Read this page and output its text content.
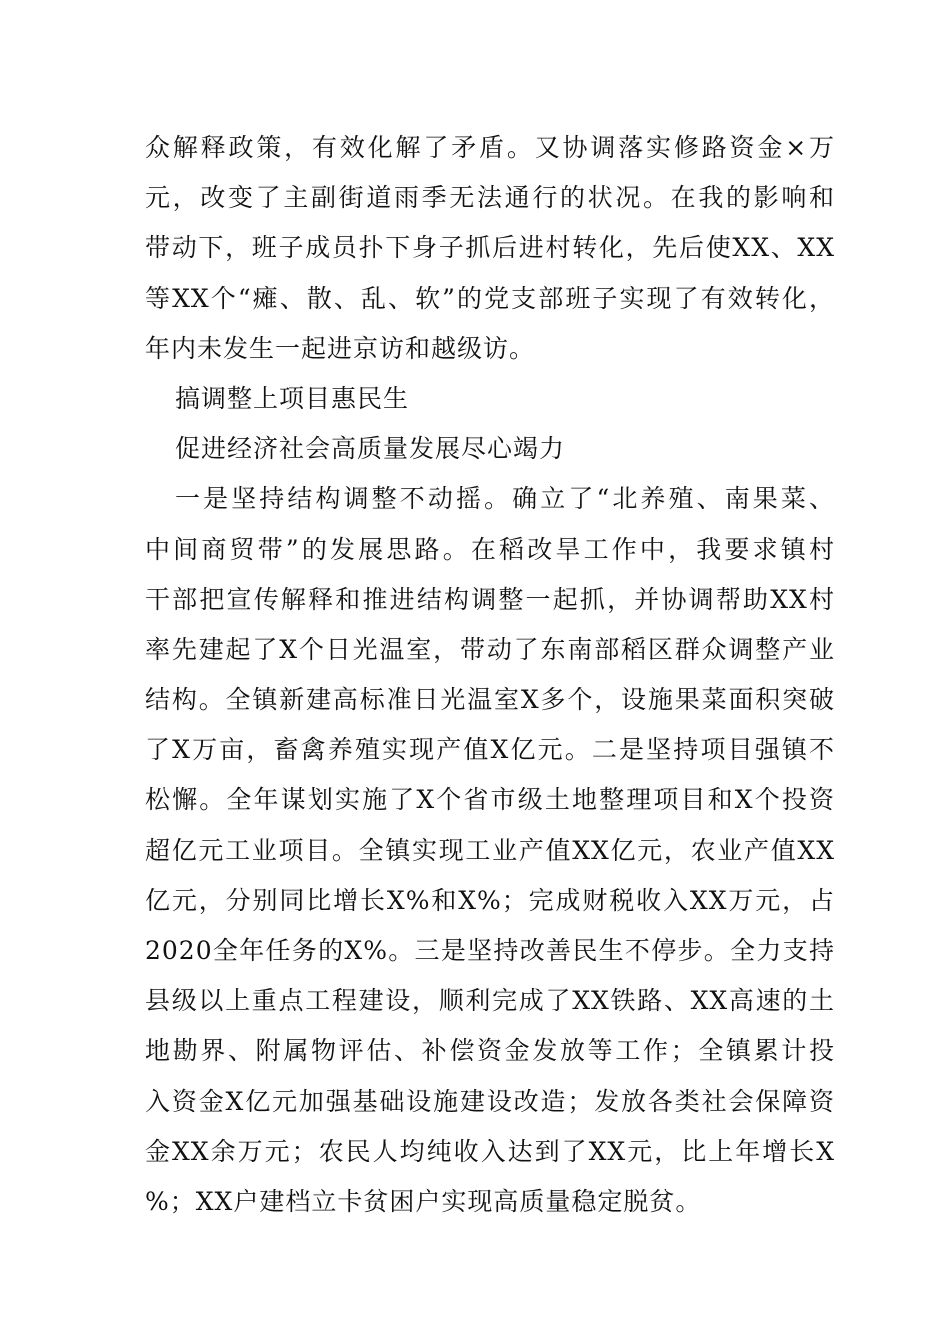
众解释政策，有效化解了矛盾。又协调落实修路资金×万
元，改变了主副街道雨季无法通行的状况。在我的影响和
带动下，班子成员扑下身子抓后进村转化，先后使XX、XX
等XX个“瘫、散、乱、软”的党支部班子实现了有效转化，
年内未发生一起进京访和越级访。
搞调整上项目惠民生
促进经济社会高质量发展尽心竭力
一是坚持结构调整不动摇。确立了“北养殖、南果菜、
中间商贸带”的发展思路。在稻改旱工作中，我要求镇村
干部把宣传解释和推进结构调整一起抓，并协调帮助XX村
率先建起了X个日光温室，带动了东南部稻区群众调整产业
结构。全镇新建高标准日光温室X多个，设施果菜面积突破
了X万亩，畜禽养殖实现产值X亿元。二是坚持项目强镇不
松懈。全年谋划实施了X个省市级土地整理项目和X个投资
超亿元工业项目。全镇实现工业产值XX亿元，农业产值XX
亿元，分别同比增长X%和X%；完成财税收入XX万元，占
2020全年任务的X%。三是坚持改善民生不停步。全力支持
县级以上重点工程建设，顺利完成了XX铁路、XX高速的土
地勘界、附属物评估、补偿资金发放等工作；全镇累计投
入资金X亿元加强基础设施建设改造；发放各类社会保障资
金XX余万元；农民人均纯收入达到了XX元，比上年增长X
%；XX户建档立卡贫困户实现高质量稳定脱贫。
